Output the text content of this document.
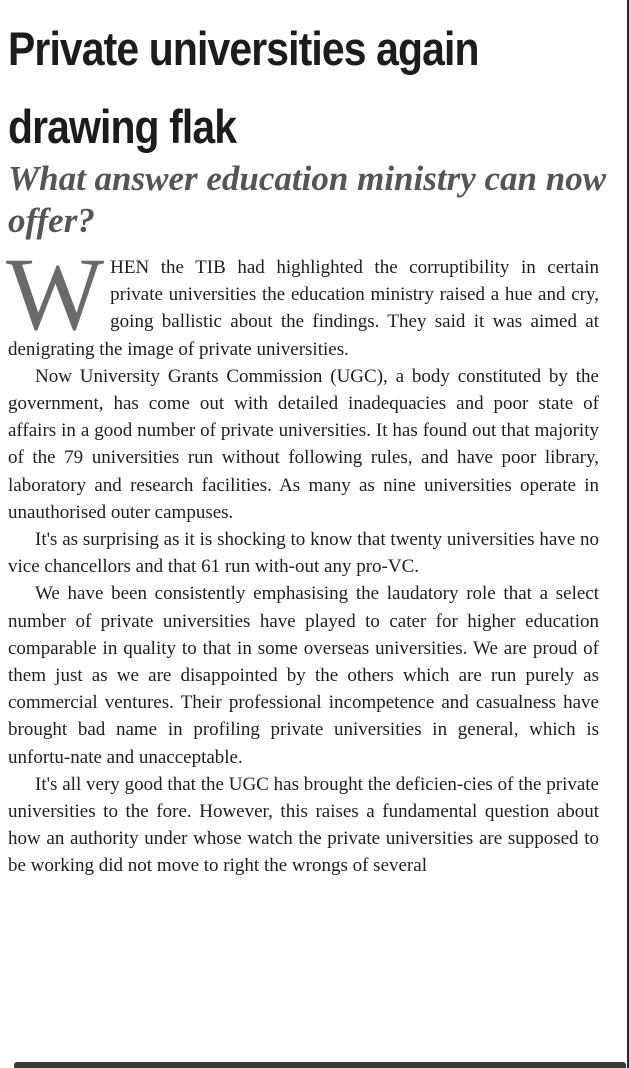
Private universities again drawing flak
What answer education ministry can now offer?

WHEN the TIB had highlighted the corruptibility in certain private universities the education ministry raised a hue and cry, going ballistic about the findings. They said it was aimed at denigrating the image of private universities.

Now University Grants Commission (UGC), a body constituted by the government, has come out with detailed inadequacies and poor state of affairs in a good number of private universities. It has found out that majority of the 79 universities run without following rules, and have poor library, laboratory and research facilities. As many as nine universities operate in unauthorised outer campuses.

It's as surprising as it is shocking to know that twenty universities have no vice chancellors and that 61 run with-out any pro-VC.

We have been consistently emphasising the laudatory role that a select number of private universities have played to cater for higher education comparable in quality to that in some overseas universities. We are proud of them just as we are disappointed by the others which are run purely as commercial ventures. Their professional incompetence and casualness have brought bad name in profiling private universities in general, which is unfortu-nate and unacceptable.

It's all very good that the UGC has brought the deficien-cies of the private universities to the fore. However, this raises a fundamental question about how an authority under whose watch the private universities are supposed to be working did not move to right the wrongs of several
